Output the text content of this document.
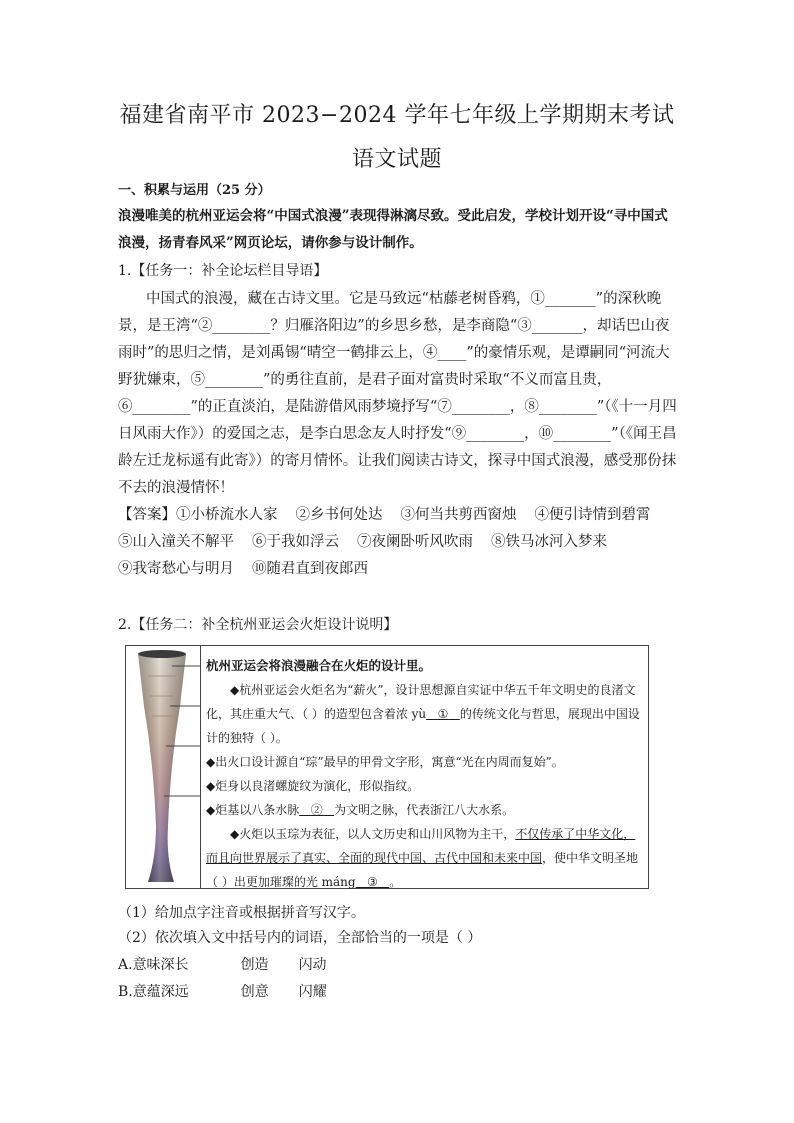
福建省南平市 2023−2024 学年七年级上学期期末考试
语文试题
一、积累与运用（25 分）
浪漫唯美的杭州亚运会将“中国式浪漫”表现得淋漓尽致。受此启发，学校计划开设“寻中国式浪漫，扬青春风采”网页论坛，请你参与设计制作。
1.【任务一：补全论坛栏目导语】
中国式的浪漫，藏在古诗文里。它是马致远“枯藤老树昏鸦，①_______”的深秋晚景，是王湾“②________？归雁洛阳边”的乡思乡愁，是李商隐“③_______，却话巴山夜雨时”的思归之情，是刘禹锡“晴空一鹤排云上，④____”的豪情乐观，是谭嗣同“河流大野犹嫌束，⑤________”的勇往直前，是君子面对富贵时采取“不义而富且贵，⑥________”的正直淡泊，是陆游借风雨梦境抒写“⑦________，⑧________”（《十一月四日风雨大作》）的爱国之志，是李白思念友人时抒发“⑨________，⑩________”（《闻王昌龄左迁龙标遥有此寄》）的寄月情怀。让我们阅读古诗文，探寻中国式浪漫，感受那份抹不去的浪漫情怀！
【答案】①小桥流水人家 ②乡书何处达 ③何当共剪西窗烛 ④便引诗情到碧霄
⑤山入潼关不解平 ⑥于我如浮云 ⑦夜阑卧听风吹雨 ⑧铁马冰河入梦来
⑨我寄愁心与明月 ⑩随君直到夜郎西
2.【任务二：补全杭州亚运会火炬设计说明】

杭州亚运会将浪漫融合在火炬的设计里。

◆杭州亚运会火炬名为“薪火”，设计思想源自实证中华五千年文明史的良渚文化，其庄重大气、（ ）的造型包含着浓 yù ① 的传统文化与哲思，展现出中国设计的独特（ ）。

◆出火口设计源自“琮”最早的甲骨文字形，寓意“光在内周而复始”。

◆炬身以良渚螺旋纹为演化，形似指纹。

◆炬基以八条水脉 ② 为文明之脉，代表浙江八大水系。

◆火炬以玉琮为表征，以人文历史和山川风物为主干，不仅传承了中华文化，而且向世界展示了真实、全面的现代中国、古代中国和未来中国，使中华文明圣地（ ）出更加璀璨的光 máng ③ 。

（1）给加点字注音或根据拼音写汉字。
（2）依次填入文中括号内的词语，全部恰当的一项是（ ）
A.意味深长	创造 闪动
B.意蕴深远	创意 闪耀
